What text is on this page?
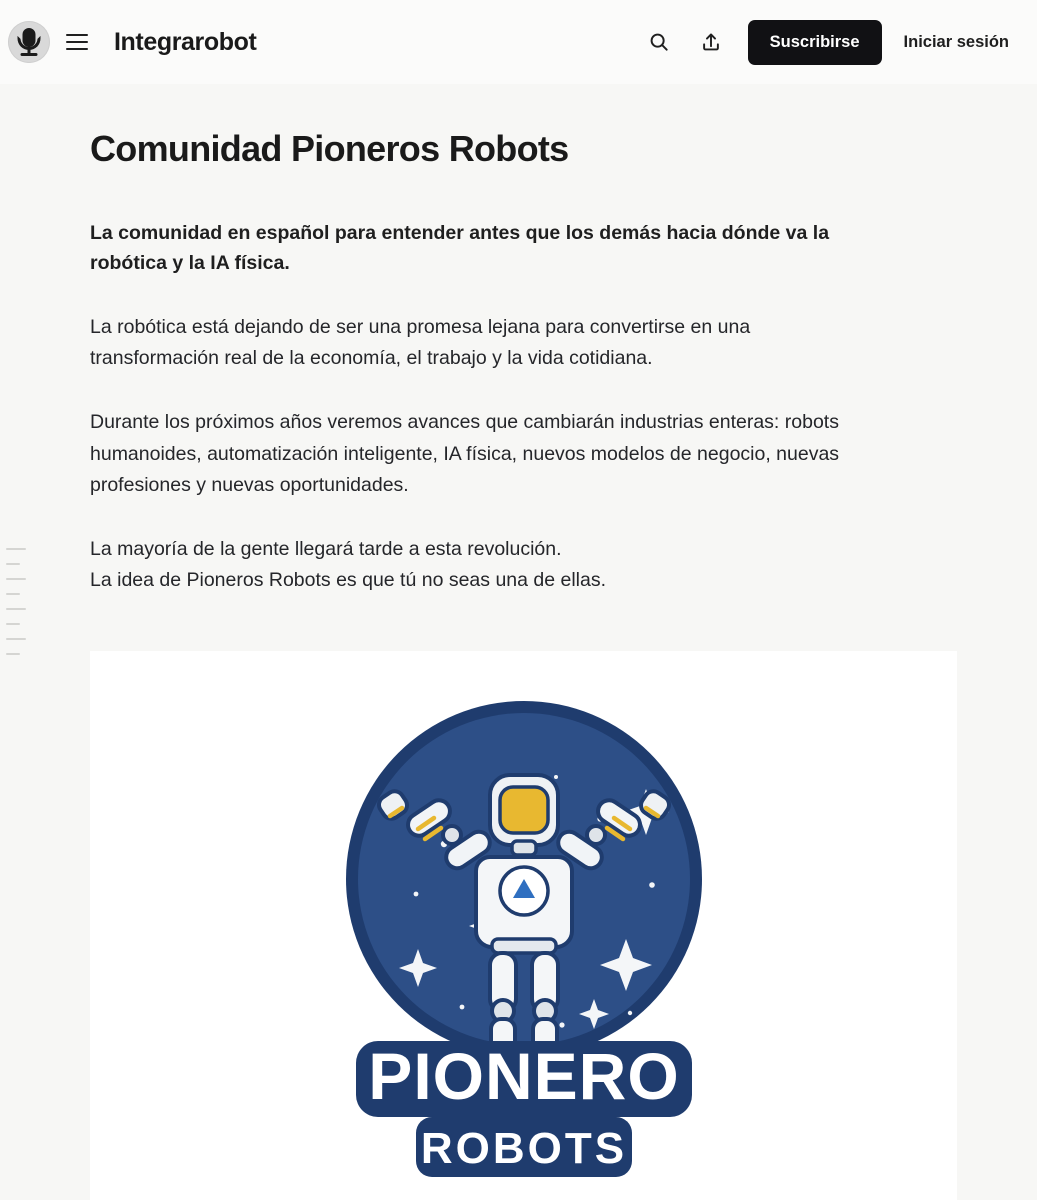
Integrarobot	Suscribirse	Iniciar sesión
Comunidad Pioneros Robots

La comunidad en español para entender antes que los demás hacia dónde va la robótica y la IA física.

La robótica está dejando de ser una promesa lejana para convertirse en una transformación real de la economía, el trabajo y la vida cotidiana.

Durante los próximos años veremos avances que cambiarán industrias enteras: robots humanoides, automatización inteligente, IA física, nuevos modelos de negocio, nuevas profesiones y nuevas oportunidades.

La mayoría de la gente llegará tarde a esta revolución.
La idea de Pioneros Robots es que tú no seas una de ellas.

PIONERO
ROBOTS
